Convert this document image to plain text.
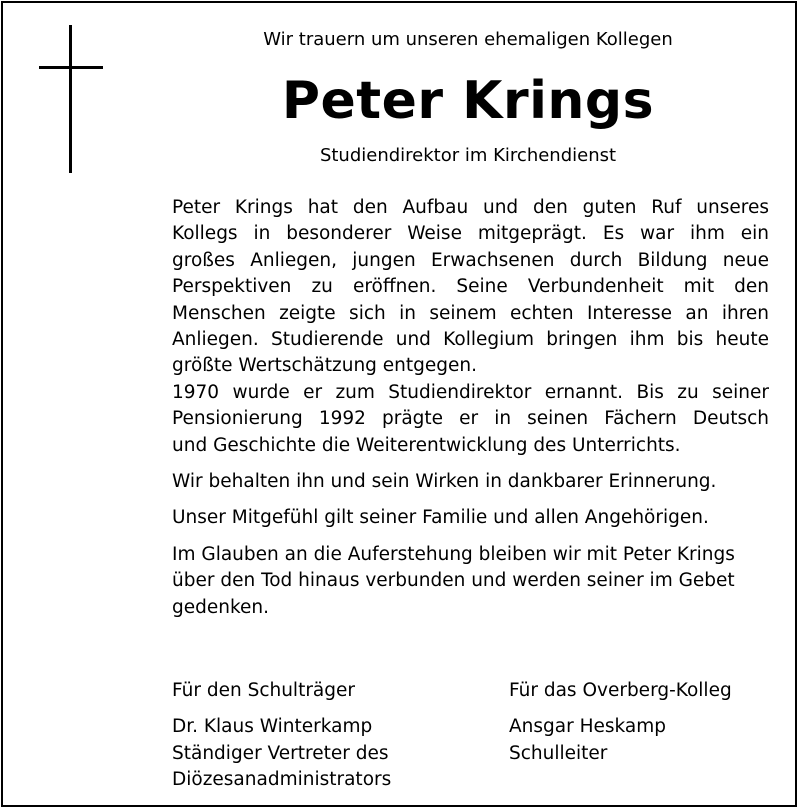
Wir trauern um unseren ehemaligen Kollegen
Peter Krings
Studiendirektor im Kirchendienst

Peter Krings hat den Aufbau und den guten Ruf unseres
Kollegs in besonderer Weise mitgeprägt. Es war ihm ein
großes Anliegen, jungen Erwachsenen durch Bildung neue
Perspektiven zu eröffnen. Seine Verbundenheit mit den
Menschen zeigte sich in seinem echten Interesse an ihren
Anliegen. Studierende und Kollegium bringen ihm bis heute
größte Wertschätzung entgegen.
1970 wurde er zum Studiendirektor ernannt. Bis zu seiner
Pensionierung 1992 prägte er in seinen Fächern Deutsch
und Geschichte die Weiterentwicklung des Unterrichts.

Wir behalten ihn und sein Wirken in dankbarer Erinnerung.

Unser Mitgefühl gilt seiner Familie und allen Angehörigen.

Im Glauben an die Auferstehung bleiben wir mit Peter Krings
über den Tod hinaus verbunden und werden seiner im Gebet
gedenken.

Für den Schulträger
Dr. Klaus Winterkamp
Ständiger Vertreter des
Diözesanadministrators
Für das Overberg-Kolleg
Ansgar Heskamp
Schulleiter
